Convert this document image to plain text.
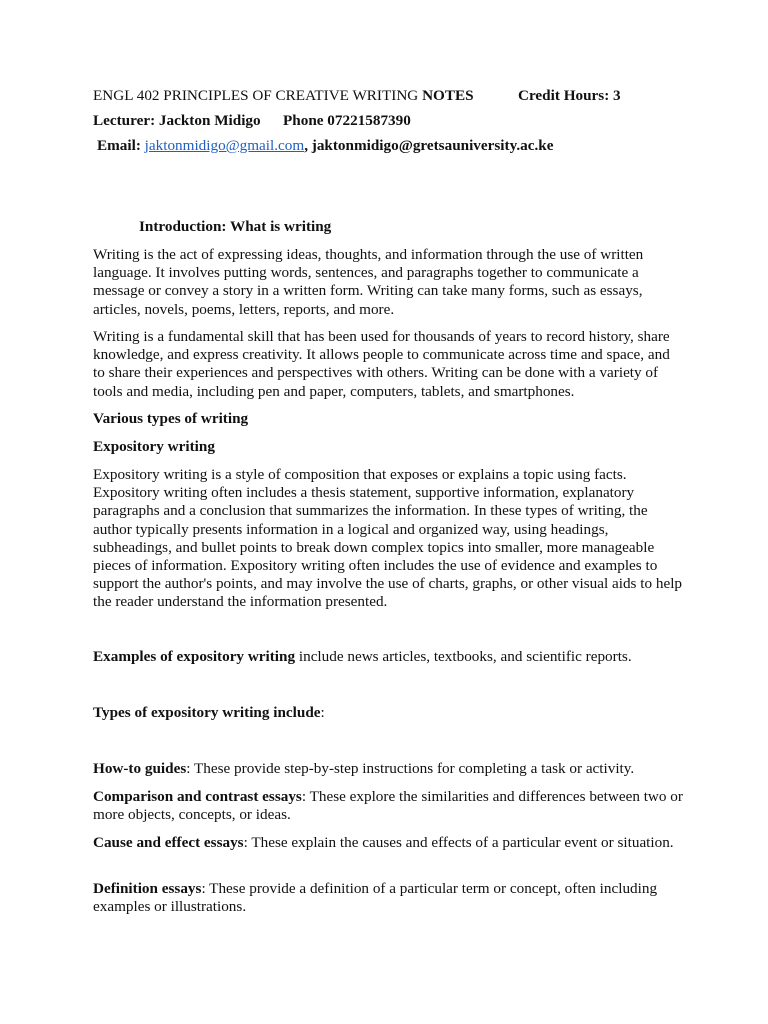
ENGL 402 PRINCIPLES OF CREATIVE WRITING NOTES	Credit Hours: 3
Lecturer: Jackton Midigo Phone 07221587390
Email: jaktonmidigo@gmail.com, jaktonmidigo@gretsauniversity.ac.ke
Introduction: What is writing

Writing is the act of expressing ideas, thoughts, and information through the use of written language. It involves putting words, sentences, and paragraphs together to communicate a message or convey a story in a written form. Writing can take many forms, such as essays, articles, novels, poems, letters, reports, and more.

Writing is a fundamental skill that has been used for thousands of years to record history, share knowledge, and express creativity. It allows people to communicate across time and space, and to share their experiences and perspectives with others. Writing can be done with a variety of tools and media, including pen and paper, computers, tablets, and smartphones.

Various types of writing
Expository writing

Expository writing is a style of composition that exposes or explains a topic using facts. Expository writing often includes a thesis statement, supportive information, explanatory paragraphs and a conclusion that summarizes the information. In these types of writing, the author typically presents information in a logical and organized way, using headings, subheadings, and bullet points to break down complex topics into smaller, more manageable pieces of information. Expository writing often includes the use of evidence and examples to support the author's points, and may involve the use of charts, graphs, or other visual aids to help the reader understand the information presented.

Examples of expository writing include news articles, textbooks, and scientific reports.
Types of expository writing include:

How-to guides: These provide step-by-step instructions for completing a task or activity.

Comparison and contrast essays: These explore the similarities and differences between two or more objects, concepts, or ideas.

Cause and effect essays: These explain the causes and effects of a particular event or situation.

Definition essays: These provide a definition of a particular term or concept, often including examples or illustrations.
